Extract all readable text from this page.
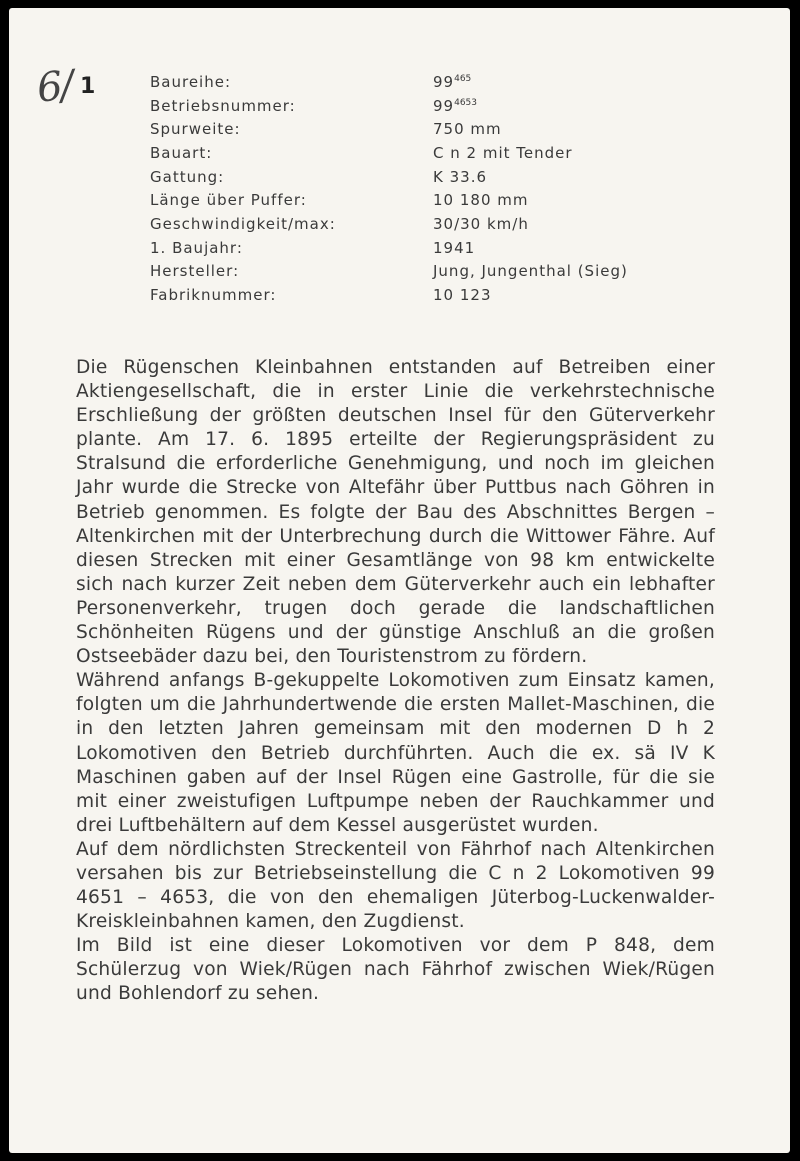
6/ 1	Baureihe:	$99^{465}$
Betriebsnummer:	$99^{4653}$
Spurweite:	750 mm
Bauart:	C n 2 mit Tender
Gattung:	K 33.6
Länge über Puffer:	10 180 mm
Geschwindigkeit/max:	30/30 km/h
1. Baujahr:	1941
Hersteller:	Jung, Jungenthal (Sieg)
Fabriknummer:	10 123

Die Rügenschen Kleinbahnen entstanden auf Betreiben einer Aktiengesellschaft, die in erster Linie die verkehrstechnische Erschließung der größten deutschen Insel für den Güterverkehr plante. Am 17. 6. 1895 erteilte der Regierungspräsident zu Stralsund die erforderliche Genehmigung, und noch im gleichen Jahr wurde die Strecke von Altefähr über Puttbus nach Göhren in Betrieb genommen. Es folgte der Bau des Abschnittes Bergen – Altenkirchen mit der Unterbrechung durch die Wittower Fähre. Auf diesen Strecken mit einer Gesamtlänge von 98 km entwickelte sich nach kurzer Zeit neben dem Güterverkehr auch ein lebhafter Personenverkehr, trugen doch gerade die landschaftlichen Schönheiten Rügens und der günstige Anschluß an die großen Ostseebäder dazu bei, den Touristenstrom zu fördern.

Während anfangs B-gekuppelte Lokomotiven zum Einsatz kamen, folgten um die Jahrhundertwende die ersten Mallet-Maschinen, die in den letzten Jahren gemeinsam mit den modernen D h 2 Lokomotiven den Betrieb durchführten. Auch die ex. sä IV K Maschinen gaben auf der Insel Rügen eine Gastrolle, für die sie mit einer zweistufigen Luftpumpe neben der Rauchkammer und drei Luftbehältern auf dem Kessel ausgerüstet wurden.

Auf dem nördlichsten Streckenteil von Fährhof nach Altenkirchen versahen bis zur Betriebseinstellung die C n 2 Lokomotiven 99 4651 – 4653, die von den ehemaligen Jüterbog-Luckenwalder-Kreiskleinbahnen kamen, den Zugdienst.

Im Bild ist eine dieser Lokomotiven vor dem P 848, dem Schülerzug von Wiek/Rügen nach Fährhof zwischen Wiek/Rügen und Bohlendorf zu sehen.
